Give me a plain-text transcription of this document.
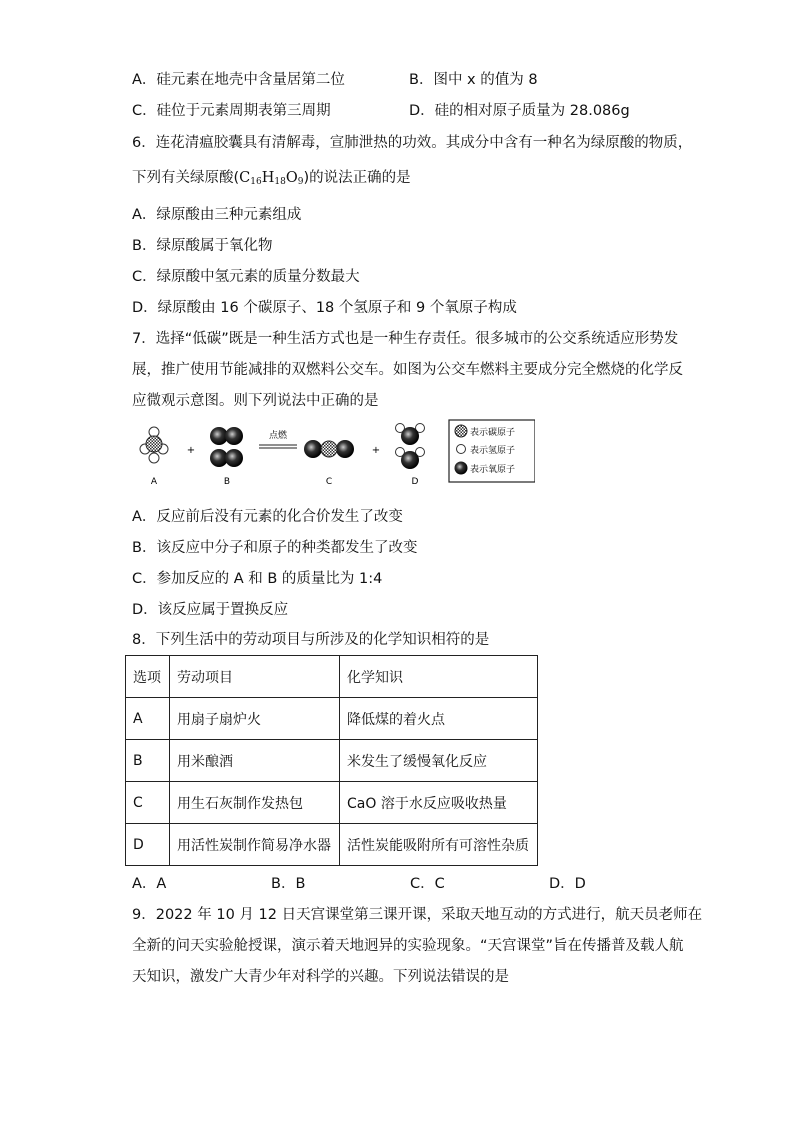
A．硅元素在地壳中含量居第二位	B．图中 x 的值为 8
C．硅位于元素周期表第三周期	D．硅的相对原子质量为 28.086g
6．连花清瘟胶囊具有清解毒，宣肺泄热的功效。其成分中含有一种名为绿原酸的物质，
下列有关绿原酸$(C_{16}H_{18}O_9)$的说法正确的是
A．绿原酸由三种元素组成
B．绿原酸属于氧化物
C．绿原酸中氢元素的质量分数最大
D．绿原酸由 16 个碳原子、18 个氢原子和 9 个氧原子构成
7．选择“低碳”既是一种生活方式也是一种生存责任。很多城市的公交系统适应形势发
展，推广使用节能减排的双燃料公交车。如图为公交车燃料主要成分完全燃烧的化学反
应微观示意图。则下列说法中正确的是
A
+
B
点燃
C
+
D
表示碳原子
表示氢原子
表示氧原子
A．反应前后没有元素的化合价发生了改变
B．该反应中分子和原子的种类都发生了改变
C．参加反应的 A 和 B 的质量比为 1:4
D．该反应属于置换反应
8．下列生活中的劳动项目与所涉及的化学知识相符的是
选项	劳动项目	化学知识
A	用扇子扇炉火	降低煤的着火点
B	用米酿酒	米发生了缓慢氧化反应
C	用生石灰制作发热包	CaO 溶于水反应吸收热量
D	用活性炭制作简易净水器	活性炭能吸附所有可溶性杂质
A．A	B．B	C．C	D．D
9．2022 年 10 月 12 日天宫课堂第三课开课，采取天地互动的方式进行，航天员老师在
全新的问天实验舱授课，演示着天地迥异的实验现象。“天宫课堂”旨在传播普及载人航
天知识，激发广大青少年对科学的兴趣。下列说法错误的是
